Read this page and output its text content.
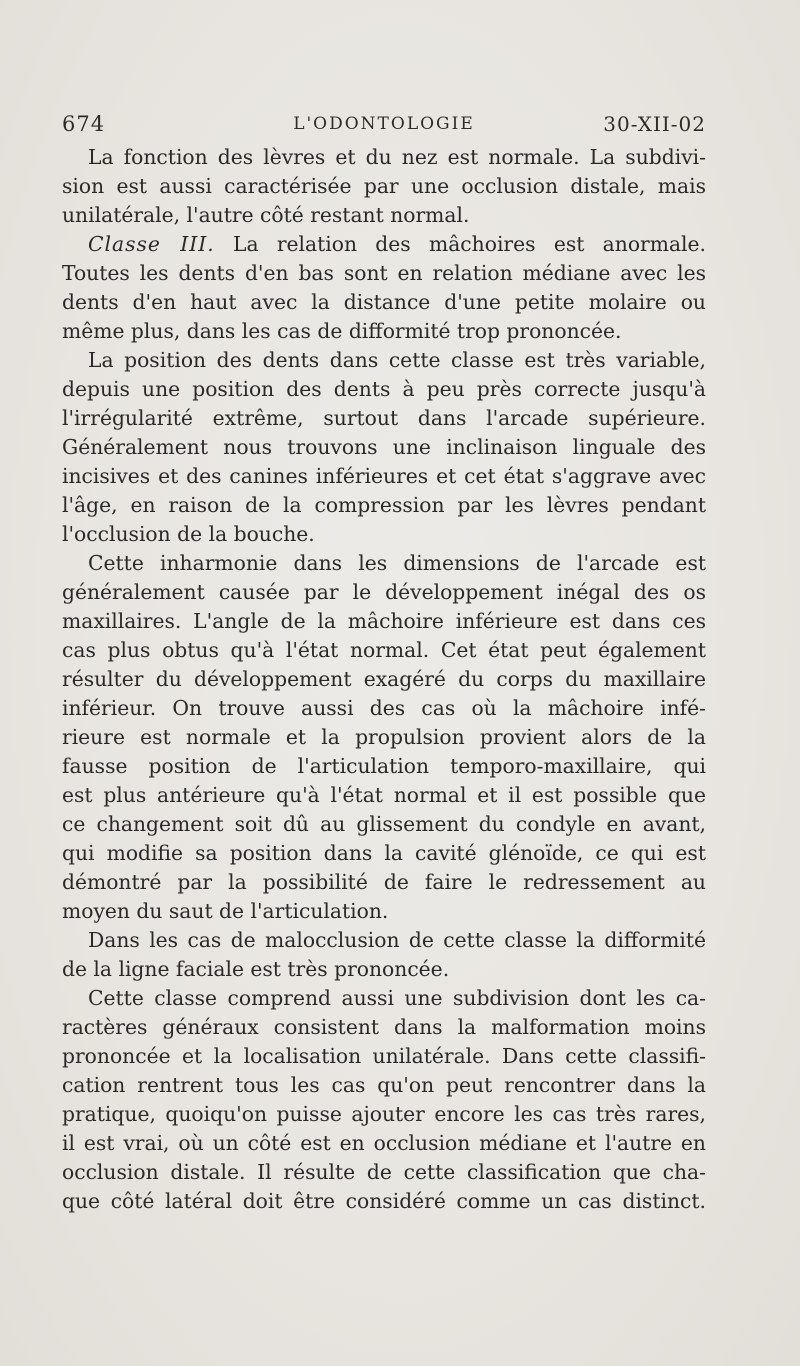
674	L'ODONTOLOGIE	30-XII-02
La fonction des lèvres et du nez est normale. La subdivi-
sion est aussi caractérisée par une occlusion distale, mais
unilatérale, l'autre côté restant normal.
Classe III. La relation des mâchoires est anormale.
Toutes les dents d'en bas sont en relation médiane avec les
dents d'en haut avec la distance d'une petite molaire ou
même plus, dans les cas de difformité trop prononcée.
La position des dents dans cette classe est très variable,
depuis une position des dents à peu près correcte jusqu'à
l'irrégularité extrême, surtout dans l'arcade supérieure.
Généralement nous trouvons une inclinaison linguale des
incisives et des canines inférieures et cet état s'aggrave avec
l'âge, en raison de la compression par les lèvres pendant
l'occlusion de la bouche.
Cette inharmonie dans les dimensions de l'arcade est
généralement causée par le développement inégal des os
maxillaires. L'angle de la mâchoire inférieure est dans ces
cas plus obtus qu'à l'état normal. Cet état peut également
résulter du développement exagéré du corps du maxillaire
inférieur. On trouve aussi des cas où la mâchoire infé-
rieure est normale et la propulsion provient alors de la
fausse position de l'articulation temporo-maxillaire, qui
est plus antérieure qu'à l'état normal et il est possible que
ce changement soit dû au glissement du condyle en avant,
qui modifie sa position dans la cavité glénoïde, ce qui est
démontré par la possibilité de faire le redressement au
moyen du saut de l'articulation.
Dans les cas de malocclusion de cette classe la difformité
de la ligne faciale est très prononcée.
Cette classe comprend aussi une subdivision dont les ca-
ractères généraux consistent dans la malformation moins
prononcée et la localisation unilatérale. Dans cette classifi-
cation rentrent tous les cas qu'on peut rencontrer dans la
pratique, quoiqu'on puisse ajouter encore les cas très rares,
il est vrai, où un côté est en occlusion médiane et l'autre en
occlusion distale. Il résulte de cette classification que cha-
que côté latéral doit être considéré comme un cas distinct.
